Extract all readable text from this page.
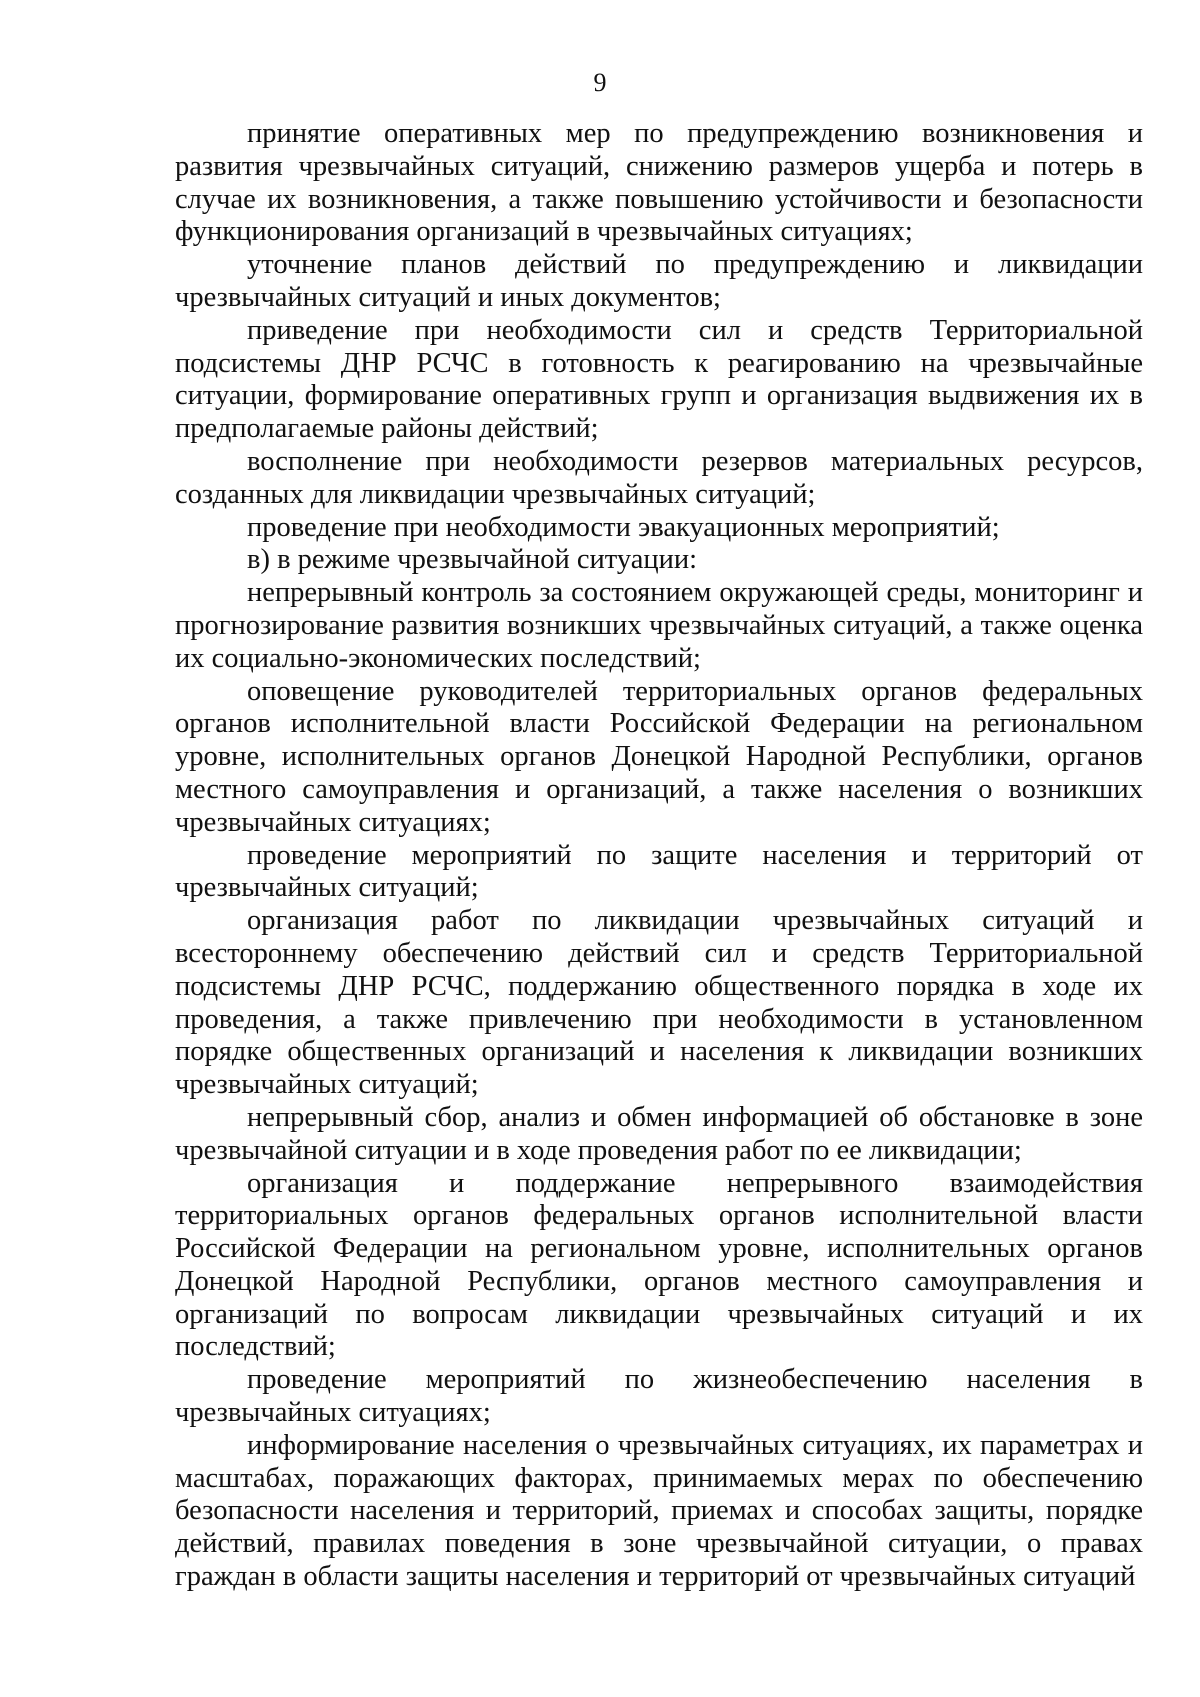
9

принятие оперативных мер по предупреждению возникновения и развития чрезвычайных ситуаций, снижению размеров ущерба и потерь в случае их возникновения, а также повышению устойчивости и безопасности функционирования организаций в чрезвычайных ситуациях;

уточнение планов действий по предупреждению и ликвидации чрезвычайных ситуаций и иных документов;

приведение при необходимости сил и средств Территориальной подсистемы ДНР РСЧС в готовность к реагированию на чрезвычайные ситуации, формирование оперативных групп и организация выдвижения их в предполагаемые районы действий;

восполнение при необходимости резервов материальных ресурсов, созданных для ликвидации чрезвычайных ситуаций;

проведение при необходимости эвакуационных мероприятий;

в) в режиме чрезвычайной ситуации:

непрерывный контроль за состоянием окружающей среды, мониторинг и прогнозирование развития возникших чрезвычайных ситуаций, а также оценка их социально-экономических последствий;

оповещение руководителей территориальных органов федеральных органов исполнительной власти Российской Федерации на региональном уровне, исполнительных органов Донецкой Народной Республики, органов местного самоуправления и организаций, а также населения о возникших чрезвычайных ситуациях;

проведение мероприятий по защите населения и территорий от чрезвычайных ситуаций;

организация работ по ликвидации чрезвычайных ситуаций и всестороннему обеспечению действий сил и средств Территориальной подсистемы ДНР РСЧС, поддержанию общественного порядка в ходе их проведения, а также привлечению при необходимости в установленном порядке общественных организаций и населения к ликвидации возникших чрезвычайных ситуаций;

непрерывный сбор, анализ и обмен информацией об обстановке в зоне чрезвычайной ситуации и в ходе проведения работ по ее ликвидации;

организация и поддержание непрерывного взаимодействия территориальных органов федеральных органов исполнительной власти Российской Федерации на региональном уровне, исполнительных органов Донецкой Народной Республики, органов местного самоуправления и организаций по вопросам ликвидации чрезвычайных ситуаций и их последствий;

проведение мероприятий по жизнеобеспечению населения в чрезвычайных ситуациях;

информирование населения о чрезвычайных ситуациях, их параметрах и масштабах, поражающих факторах, принимаемых мерах по обеспечению безопасности населения и территорий, приемах и способах защиты, порядке действий, правилах поведения в зоне чрезвычайной ситуации, о правах граждан в области защиты населения и территорий от чрезвычайных ситуаций
